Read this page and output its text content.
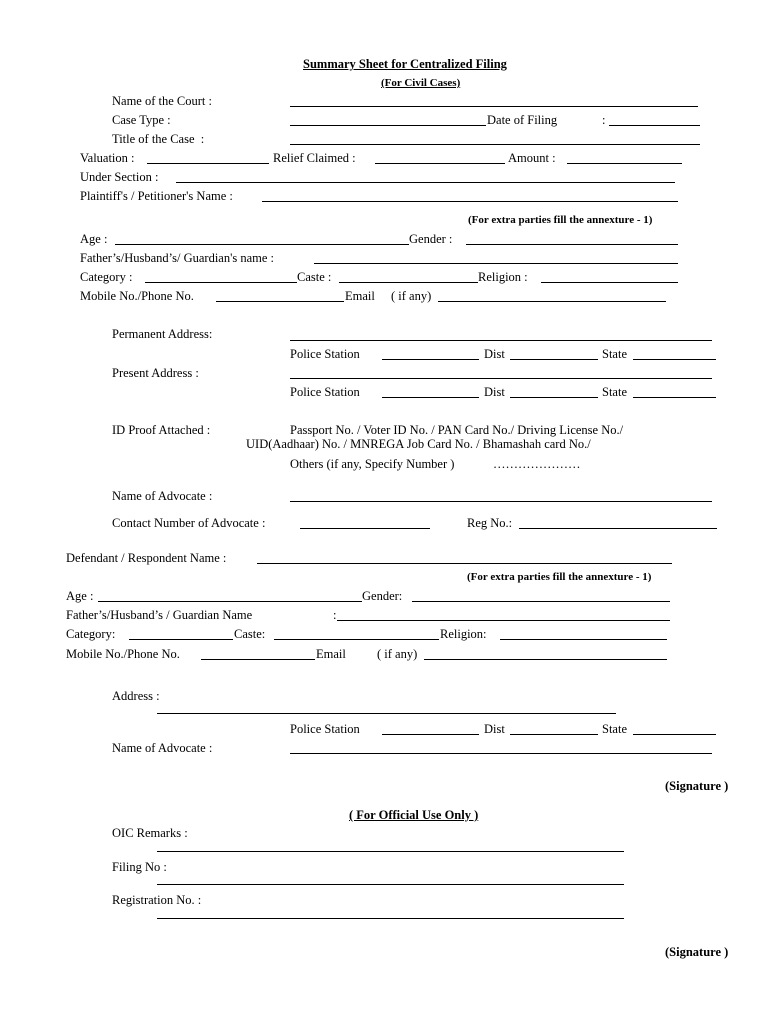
Summary Sheet for Centralized Filing
(For Civil Cases)
Name of the Court :
Case Type :	Date of Filing	:
Title of the Case  :
Valuation :	Relief Claimed :	Amount :
Under Section :
Plaintiff's / Petitioner's Name :
(For extra parties fill the annexture - 1)
Age :	Gender :
Father’s/Husband’s/ Guardian's name :
Category :	Caste :	Religion :
Mobile No./Phone No.	Email ( if any)
Permanent Address:
Police Station	Dist	State
Present Address :
Police Station	Dist	State
ID Proof Attached :	Passport No. / Voter ID No. / PAN Card No./ Driving License No./
UID(Aadhaar) No. / MNREGA Job Card No. / Bhamashah card No./
Others (if any, Specify Number )	…………………
Name of Advocate :
Contact Number of Advocate :	Reg No.:
Defendant / Respondent Name :
(For extra parties fill the annexture - 1)
Age :	Gender:
Father’s/Husband’s / Guardian Name	:
Category:	Caste:	Religion:
Mobile No./Phone No.	Email ( if any)
Address :
Police Station	Dist	State
Name of Advocate :
(Signature )
( For Official Use Only )
OIC Remarks :
Filing No :
Registration No. :
(Signature )
